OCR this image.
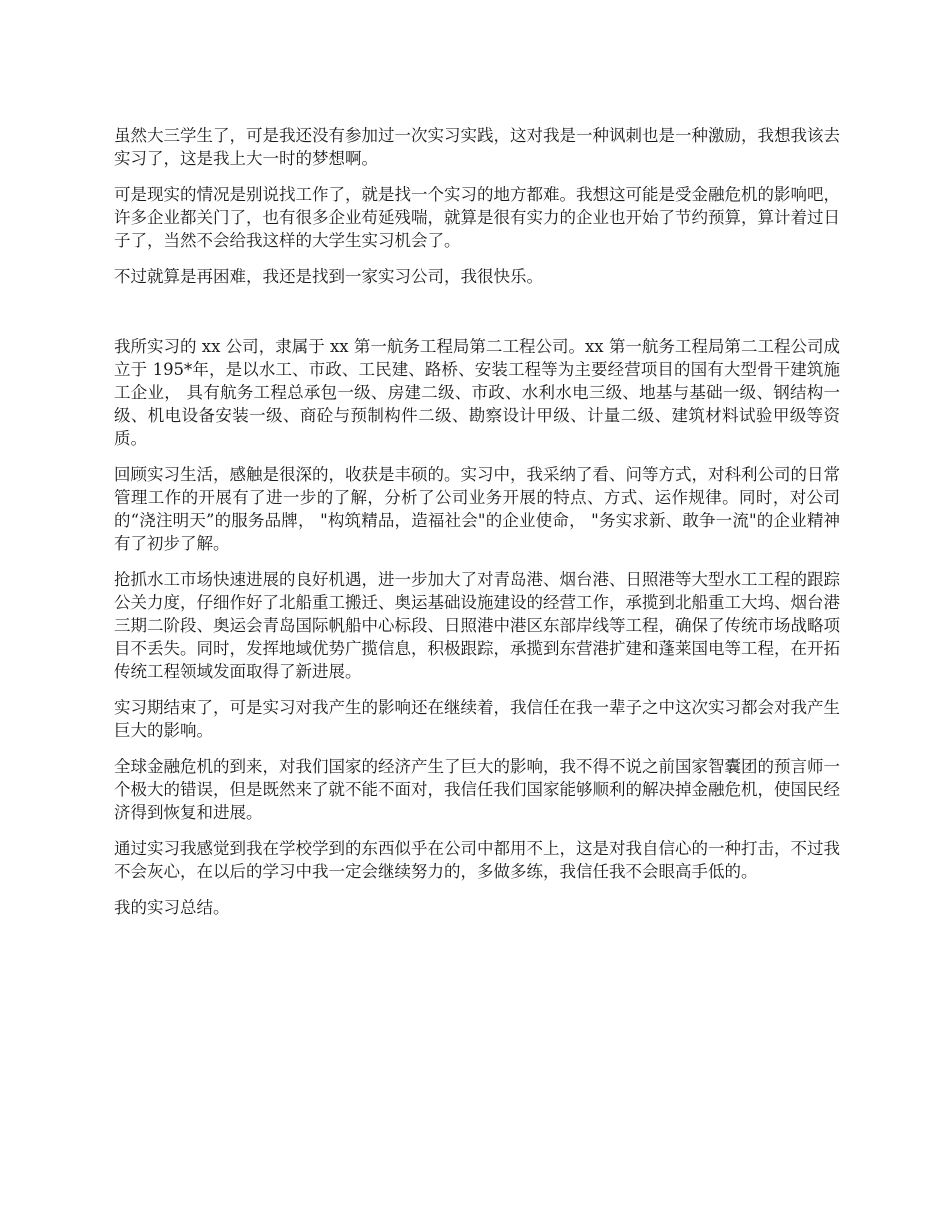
虽然大三学生了，可是我还没有参加过一次实习实践，这对我是一种讽刺也是一种激励，我想我该去实习了，这是我上大一时的梦想啊。

可是现实的情况是别说找工作了，就是找一个实习的地方都难。我想这可能是受金融危机的影响吧，许多企业都关门了，也有很多企业苟延残喘，就算是很有实力的企业也开始了节约预算，算计着过日子了，当然不会给我这样的大学生实习机会了。

不过就算是再困难，我还是找到一家实习公司，我很快乐。

我所实习的 xx 公司，隶属于 xx 第一航务工程局第二工程公司。xx 第一航务工程局第二工程公司成立于 195*年，是以水工、市政、工民建、路桥、安装工程等为主要经营项目的国有大型骨干建筑施工企业， 具有航务工程总承包一级、房建二级、市政、水利水电三级、地基与基础一级、钢结构一级、机电设备安装一级、商砼与预制构件二级、勘察设计甲级、计量二级、建筑材料试验甲级等资质。

回顾实习生活，感触是很深的，收获是丰硕的。实习中，我采纳了看、问等方式，对科利公司的日常管理工作的开展有了进一步的了解，分析了公司业务开展的特点、方式、运作规律。同时，对公司的“浇注明天”的服务品牌， "构筑精品，造福社会"的企业使命， "务实求新、敢争一流"的企业精神有了初步了解。

抢抓水工市场快速进展的良好机遇，进一步加大了对青岛港、烟台港、日照港等大型水工工程的跟踪公关力度，仔细作好了北船重工搬迁、奥运基础设施建设的经营工作，承揽到北船重工大坞、烟台港三期二阶段、奥运会青岛国际帆船中心标段、日照港中港区东部岸线等工程，确保了传统市场战略项目不丢失。同时，发挥地域优势广揽信息，积极跟踪，承揽到东营港扩建和蓬莱国电等工程，在开拓传统工程领域发面取得了新进展。

实习期结束了，可是实习对我产生的影响还在继续着，我信任在我一辈子之中这次实习都会对我产生巨大的影响。

全球金融危机的到来，对我们国家的经济产生了巨大的影响，我不得不说之前国家智囊团的预言师一个极大的错误，但是既然来了就不能不面对，我信任我们国家能够顺利的解决掉金融危机，使国民经济得到恢复和进展。

通过实习我感觉到我在学校学到的东西似乎在公司中都用不上，这是对我自信心的一种打击，不过我不会灰心，在以后的学习中我一定会继续努力的，多做多练，我信任我不会眼高手低的。

我的实习总结。
